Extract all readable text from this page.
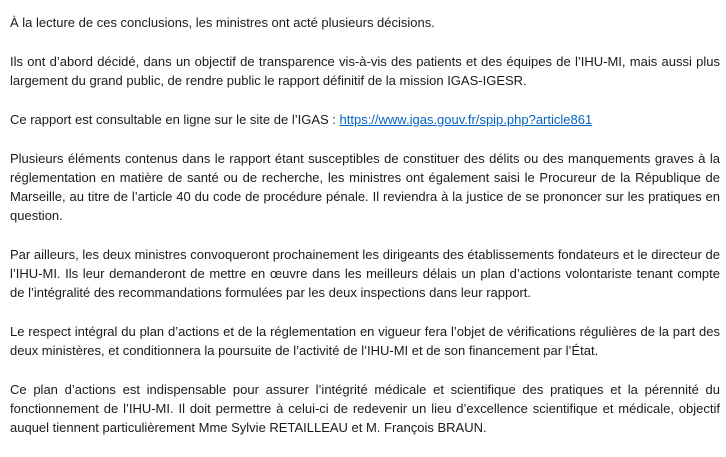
À la lecture de ces conclusions, les ministres ont acté plusieurs décisions.

Ils ont d’abord décidé, dans un objectif de transparence vis-à-vis des patients et des équipes de l’IHU-MI, mais aussi plus largement du grand public, de rendre public le rapport définitif de la mission IGAS-IGESR.

Ce rapport est consultable en ligne sur le site de l’IGAS : https://www.igas.gouv.fr/spip.php?article861

Plusieurs éléments contenus dans le rapport étant susceptibles de constituer des délits ou des manquements graves à la réglementation en matière de santé ou de recherche, les ministres ont également saisi le Procureur de la République de Marseille, au titre de l’article 40 du code de procédure pénale. Il reviendra à la justice de se prononcer sur les pratiques en question.

Par ailleurs, les deux ministres convoqueront prochainement les dirigeants des établissements fondateurs et le directeur de l’IHU-MI. Ils leur demanderont de mettre en œuvre dans les meilleurs délais un plan d’actions volontariste tenant compte de l’intégralité des recommandations formulées par les deux inspections dans leur rapport.

Le respect intégral du plan d’actions et de la réglementation en vigueur fera l’objet de vérifications régulières de la part des deux ministères, et conditionnera la poursuite de l’activité de l’IHU-MI et de son financement par l’État.

Ce plan d’actions est indispensable pour assurer l’intégrité médicale et scientifique des pratiques et la pérennité du fonctionnement de l’IHU-MI. Il doit permettre à celui-ci de redevenir un lieu d’excellence scientifique et médicale, objectif auquel tiennent particulièrement Mme Sylvie RETAILLEAU et M. François BRAUN.
